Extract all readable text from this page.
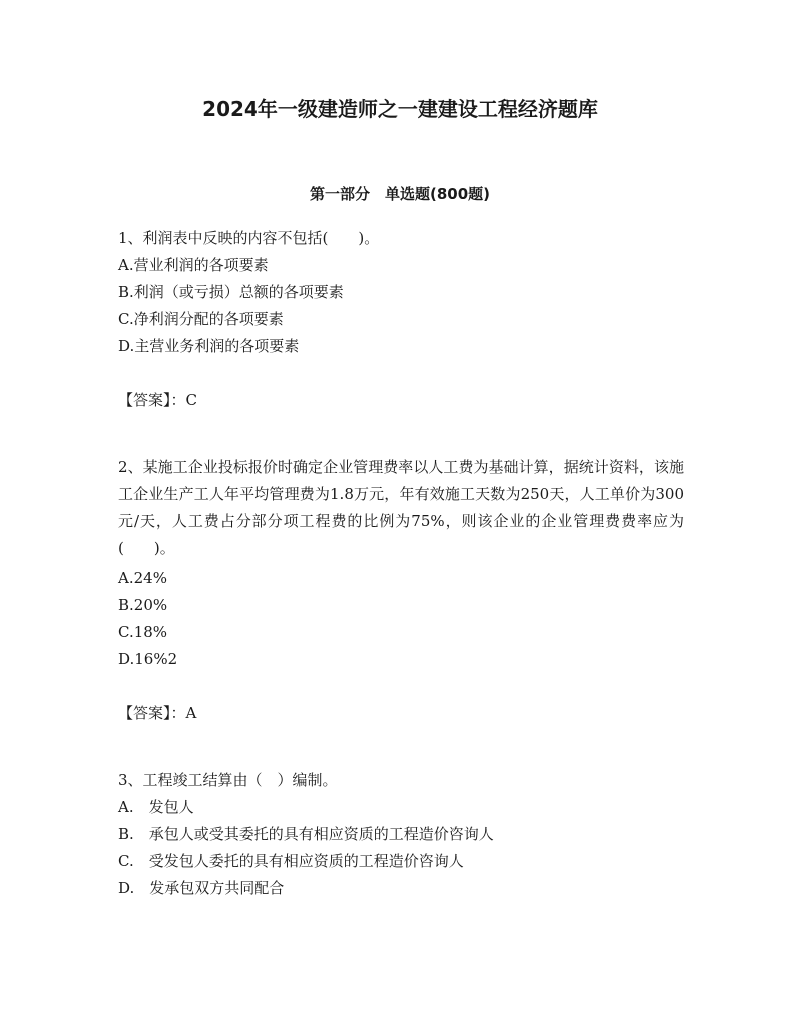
2024年一级建造师之一建建设工程经济题库
第一部分　单选题(800题)

1、利润表中反映的内容不包括(　　)。

A.营业利润的各项要素

B.利润（或亏损）总额的各项要素

C.净利润分配的各项要素

D.主营业务利润的各项要素

【答案】：C

2、某施工企业投标报价时确定企业管理费率以人工费为基础计算，据统计资料，该施工企业生产工人年平均管理费为1.8万元，年有效施工天数为250天，人工单价为300元/天，人工费占分部分项工程费的比例为75%，则该企业的企业管理费费率应为(　　)。

A.24%

B.20%

C.18%

D.16%2

【答案】：A

3、工程竣工结算由（　）编制。

A.　发包人

B.　承包人或受其委托的具有相应资质的工程造价咨询人

C.　受发包人委托的具有相应资质的工程造价咨询人

D.　发承包双方共同配合
